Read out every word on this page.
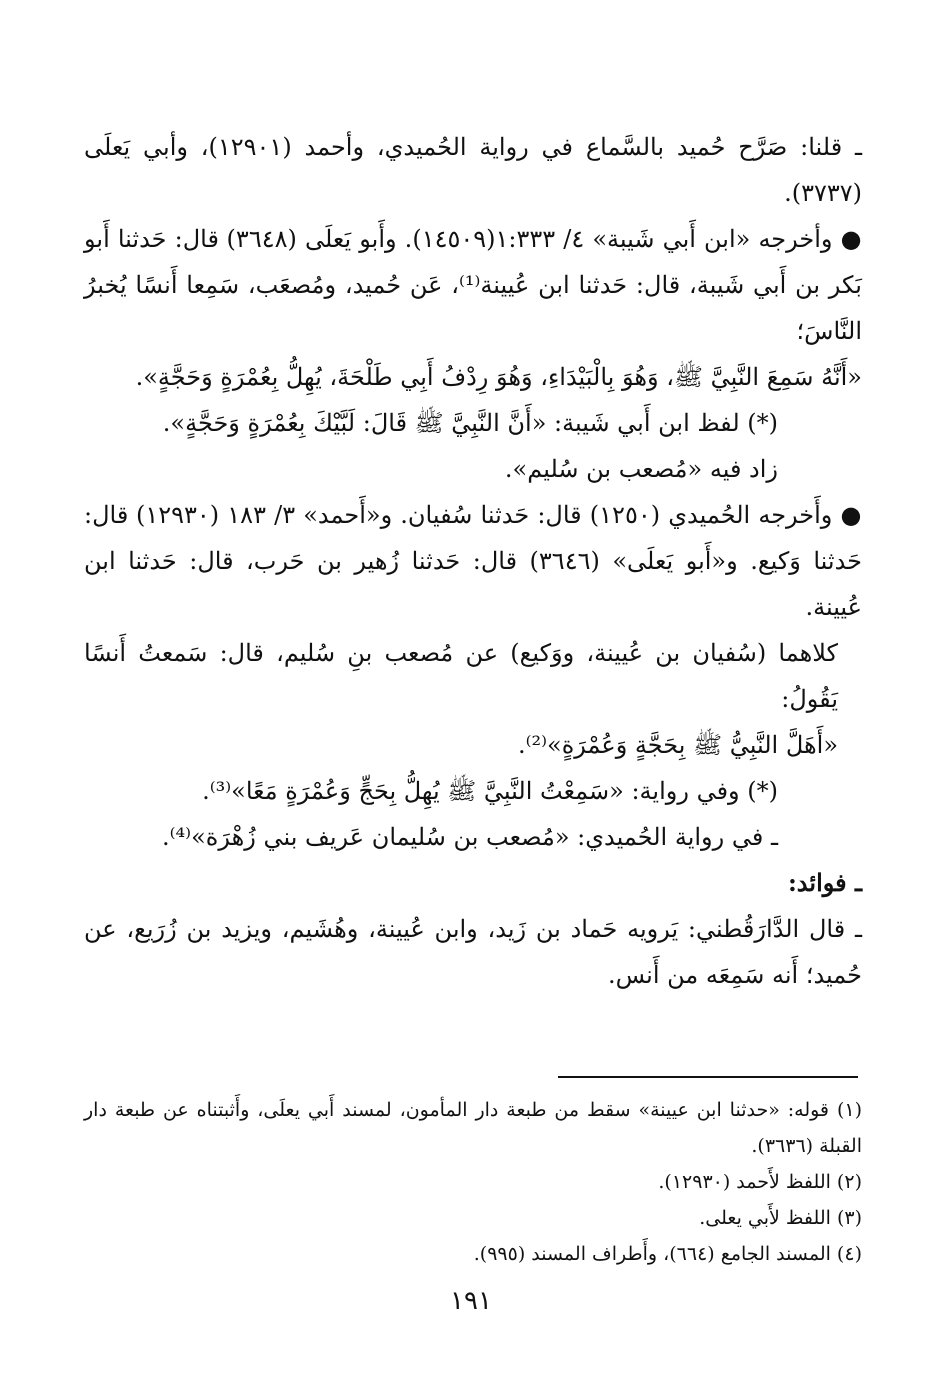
ـ قلنا: صَرَّح حُميد بالسَّماع في رواية الحُميدي، وأحمد (١٢٩٠١)، وأبي يَعلَى (٣٧٣٧).

● وأخرجه «ابن أَبي شَيبة» ٤/ ١:٣٣٣(١٤٥٠٩). وأَبو يَعلَى (٣٦٤٨) قال: حَدثنا أَبو بَكر بن أَبي شَيبة، قال: حَدثنا ابن عُيينة⁽¹⁾، عَن حُميد، ومُصعَب، سَمِعا أَنسًا يُخبرُ النَّاسَ؛

«أَنَّهُ سَمِعَ النَّبِيَّ ﷺ، وَهُوَ بِالْبَيْدَاءِ، وَهُوَ رِدْفُ أَبِي طَلْحَةَ، يُهِلُّ بِعُمْرَةٍ وَحَجَّةٍ».

(*) لفظ ابن أَبي شَيبة: «أَنَّ النَّبِيَّ ﷺ قَالَ: لَبَّيْكَ بِعُمْرَةٍ وَحَجَّةٍ».

زاد فيه «مُصعب بن سُليم».

● وأَخرجه الحُميدي (١٢٥٠) قال: حَدثنا سُفيان. و«أَحمد» ٣/ ١٨٣ (١٢٩٣٠) قال: حَدثنا وَكيع. و«أَبو يَعلَى» (٣٦٤٦) قال: حَدثنا زُهير بن حَرب، قال: حَدثنا ابن عُيينة.

كلاهما (سُفيان بن عُيينة، ووَكيع) عن مُصعب بنِ سُليم، قال: سَمعتُ أَنسًا يَقُولُ:

«أَهَلَّ النَّبِيُّ ﷺ بِحَجَّةٍ وَعُمْرَةٍ»⁽²⁾.

(*) وفي رواية: «سَمِعْتُ النَّبِيَّ ﷺ يُهِلُّ بِحَجٍّ وَعُمْرَةٍ مَعًا»⁽³⁾.

ـ في رواية الحُميدي: «مُصعب بن سُليمان عَريف بني زُهْرَة»⁽⁴⁾.

ـ فوائد:

ـ قال الدَّارَقُطني: يَرويه حَماد بن زَيد، وابن عُيينة، وهُشَيم، ويزيد بن زُرَيع، عن حُميد؛ أَنه سَمِعَه من أَنس.

(١) قوله: «حدثنا ابن عيينة» سقط من طبعة دار المأمون، لمسند أَبي يعلَى، وأَثبتناه عن طبعة دار القبلة (٣٦٣٦).

(٢) اللفظ لأَحمد (١٢٩٣٠).

(٣) اللفظ لأَبي يعلى.

(٤) المسند الجامع (٦٦٤)، وأَطراف المسند (٩٩٥).

١٩١
